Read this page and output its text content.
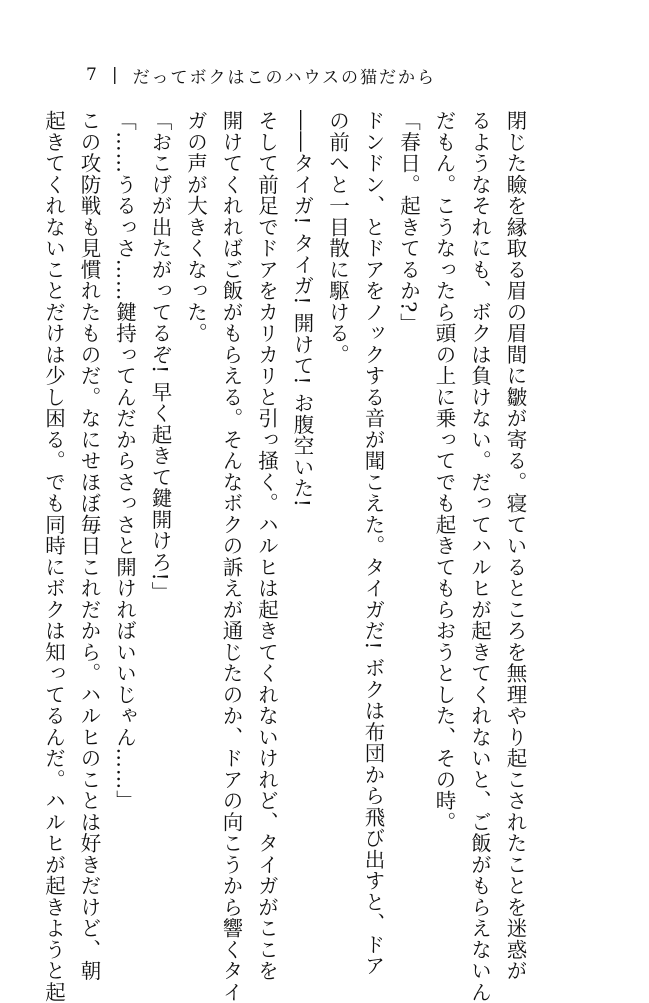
7 | だってボクはこのハウスの猫だから
閉じた瞼を縁取る眉の眉間に皺が寄る。寝ているところを無理やり起こされたことを迷惑が
るようなそれにも、ボクは負けない。だってハルヒが起きてくれないと、ご飯がもらえないん
だもん。こうなったら頭の上に乗ってでも起きてもらおうとした、その時。
「春日。起きてるか?」
ドンドン、とドアをノックする音が聞こえた。タイガだ! ボクは布団から飛び出すと、ドア
の前へと一目散に駆ける。
――タイガ! タイガ! 開けて! お腹空いた!
そして前足でドアをカリカリと引っ掻く。ハルヒは起きてくれないけれど、タイガがここを
開けてくれればご飯がもらえる。そんなボクの訴えが通じたのか、ドアの向こうから響くタイ
ガの声が大きくなった。
「おこげが出たがってるぞ! 早く起きて鍵開けろ!」
「……うるっさ……鍵持ってんだからさっさと開ければいいじゃん……」
この攻防戦も見慣れたものだ。なにせほぼ毎日これだから。ハルヒのことは好きだけど、朝
起きてくれないことだけは少し困る。でも同時にボクは知ってるんだ。ハルヒが起きようと起
